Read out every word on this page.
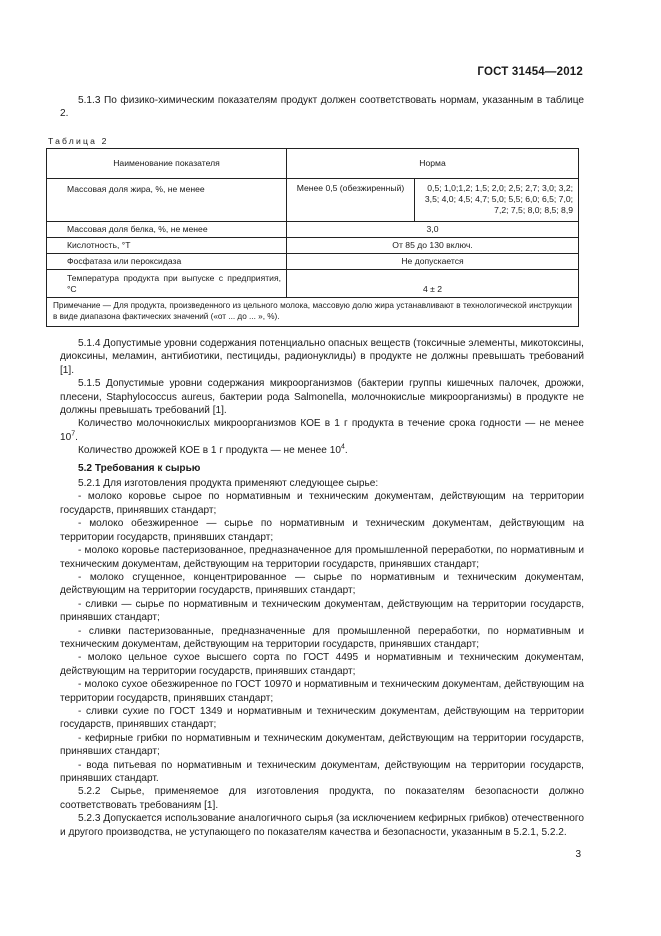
ГОСТ 31454—2012

5.1.3 По физико-химическим показателям продукт должен соответствовать нормам, указанным в таблице 2.

Таблица 2
Наименование показателя	Норма	
Массовая доля жира, %, не менее	Менее 0,5 (обезжиренный)	0,5; 1,0;1,2; 1,5; 2,0; 2,5; 2,7; 3,0; 3,2; 3,5; 4,0; 4,5; 4,7; 5,0; 5,5; 6,0; 6,5; 7,0; 7,2; 7,5; 8,0; 8,5; 8,9
Массовая доля белка, %, не менее	3,0	
Кислотность, °Т	От 85 до 130 включ.	
Фосфатаза или пероксидаза	Не допускается	
Температура продукта при выпуске с предприятия, °С	4 ± 2	
Примечание — Для продукта, произведенного из цельного молока, массовую долю жира устанавливают в технологической инструкции в виде диапазона фактических значений («от ... до ... », %).		

5.1.4 Допустимые уровни содержания потенциально опасных веществ (токсичные элементы, микотоксины, диоксины, меламин, антибиотики, пестициды, радионуклиды) в продукте не должны превышать требований [1].

5.1.5 Допустимые уровни содержания микроорганизмов (бактерии группы кишечных палочек, дрожжи, плесени, Staphylococcus aureus, бактерии рода Salmonella, молочнокислые микроорганизмы) в продукте не должны превышать требований [1].

Количество молочнокислых микроорганизмов КОЕ в 1 г продукта в течение срока годности — не менее $10^7$.

Количество дрожжей КОЕ в 1 г продукта — не менее $10^4$.

5.2 Требования к сырью

5.2.1 Для изготовления продукта применяют следующее сырье:

- молоко коровье сырое по нормативным и техническим документам, действующим на территории государств, принявших стандарт;

- молоко обезжиренное — сырье по нормативным и техническим документам, действующим на территории государств, принявших стандарт;

- молоко коровье пастеризованное, предназначенное для промышленной переработки, по нормативным и техническим документам, действующим на территории государств, принявших стандарт;

- молоко сгущенное, концентрированное — сырье по нормативным и техническим документам, действующим на территории государств, принявших стандарт;

- сливки — сырье по нормативным и техническим документам, действующим на территории государств, принявших стандарт;

- сливки пастеризованные, предназначенные для промышленной переработки, по нормативным и техническим документам, действующим на территории государств, принявших стандарт;

- молоко цельное сухое высшего сорта по ГОСТ 4495 и нормативным и техническим документам, действующим на территории государств, принявших стандарт;

- молоко сухое обезжиренное по ГОСТ 10970 и нормативным и техническим документам, действующим на территории государств, принявших стандарт;

- сливки сухие по ГОСТ 1349 и нормативным и техническим документам, действующим на территории государств, принявших стандарт;

- кефирные грибки по нормативным и техническим документам, действующим на территории государств, принявших стандарт;

- вода питьевая по нормативным и техническим документам, действующим на территории государств, принявших стандарт.

5.2.2 Сырье, применяемое для изготовления продукта, по показателям безопасности должно соответствовать требованиям [1].

5.2.3 Допускается использование аналогичного сырья (за исключением кефирных грибков) отечественного и другого производства, не уступающего по показателям качества и безопасности, указанным в 5.2.1, 5.2.2.

3
